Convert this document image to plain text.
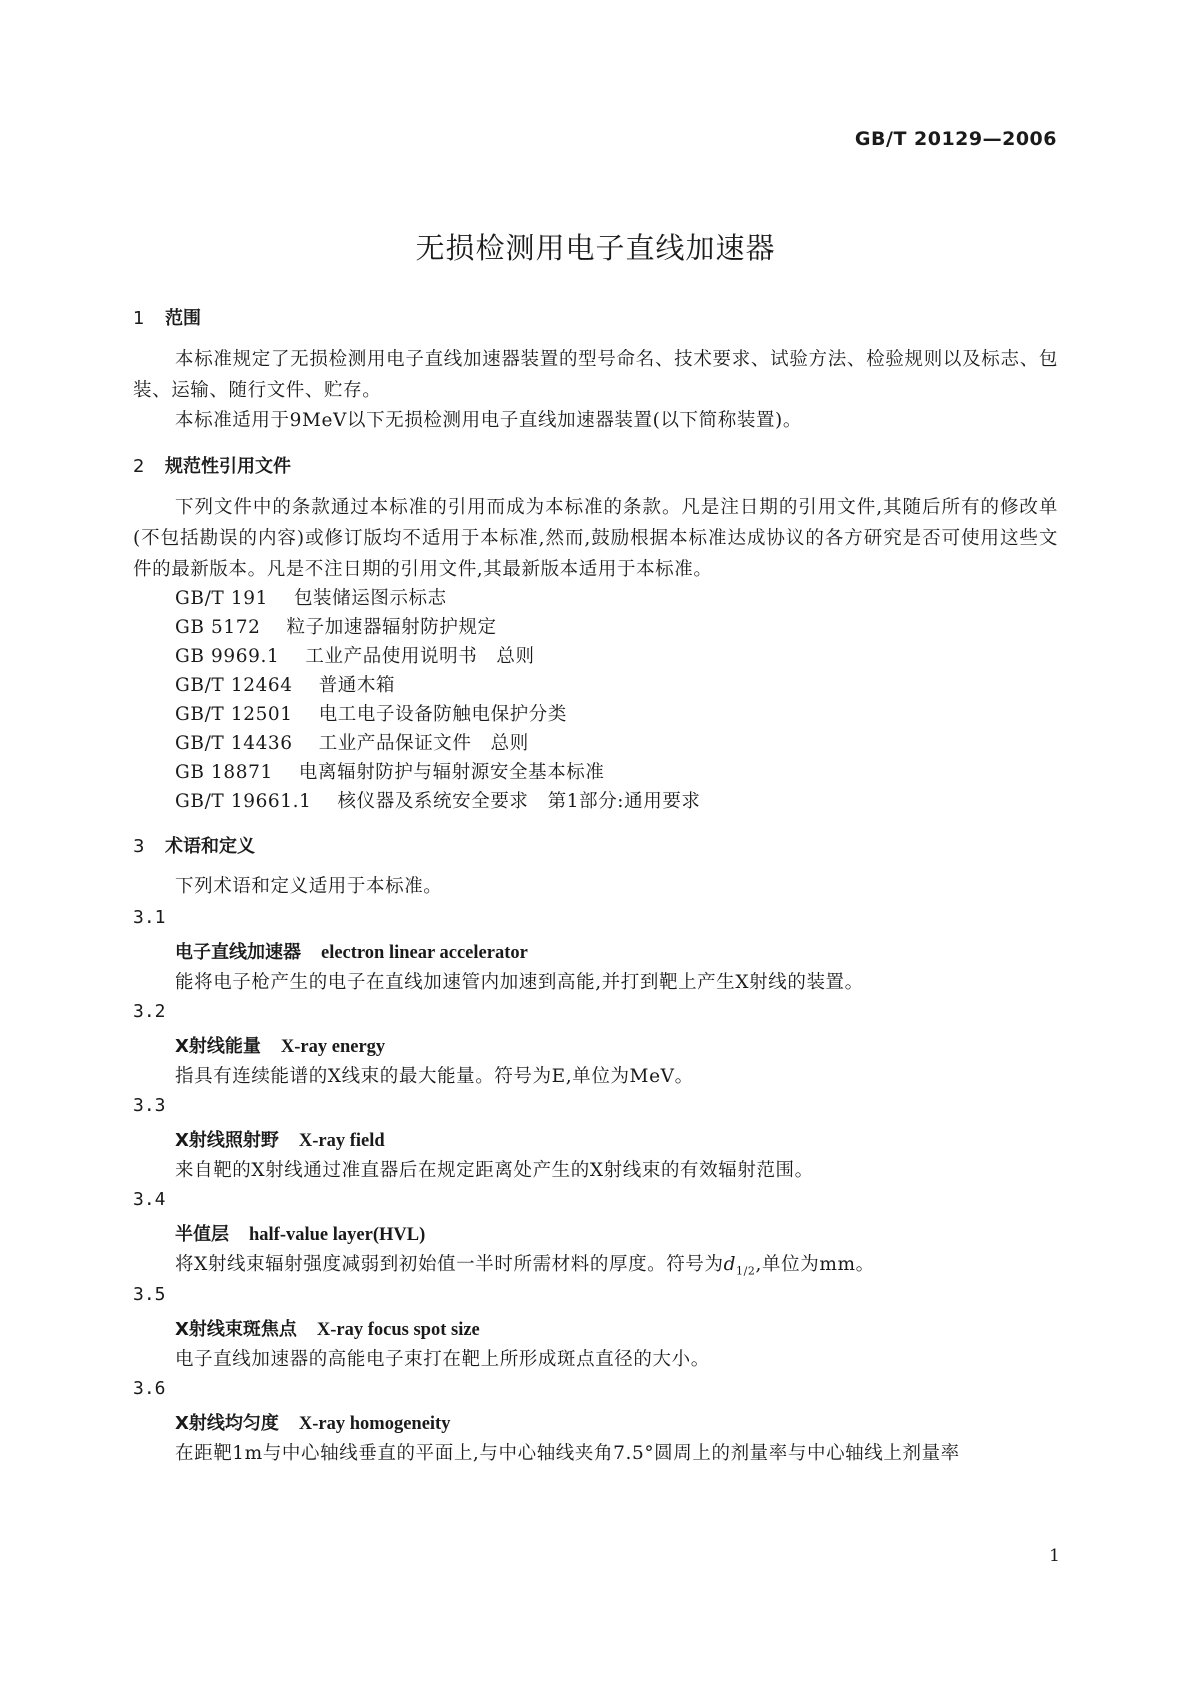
GB/T 20129—2006
无损检测用电子直线加速器
1 范围
本标准规定了无损检测用电子直线加速器装置的型号命名、技术要求、试验方法、检验规则以及标志、包装、运输、随行文件、贮存。
本标准适用于9MeV以下无损检测用电子直线加速器装置(以下简称装置)。
2 规范性引用文件
下列文件中的条款通过本标准的引用而成为本标准的条款。凡是注日期的引用文件,其随后所有的修改单(不包括勘误的内容)或修订版均不适用于本标准,然而,鼓励根据本标准达成协议的各方研究是否可使用这些文件的最新版本。凡是不注日期的引用文件,其最新版本适用于本标准。
GB/T 191 包装储运图示标志
GB 5172 粒子加速器辐射防护规定
GB 9969.1 工业产品使用说明书　总则
GB/T 12464 普通木箱
GB/T 12501 电工电子设备防触电保护分类
GB/T 14436 工业产品保证文件　总则
GB 18871 电离辐射防护与辐射源安全基本标准
GB/T 19661.1 核仪器及系统安全要求　第1部分:通用要求
3 术语和定义
下列术语和定义适用于本标准。
3.1
电子直线加速器 electron linear accelerator
能将电子枪产生的电子在直线加速管内加速到高能,并打到靶上产生X射线的装置。
3.2
X射线能量 X-ray energy
指具有连续能谱的X线束的最大能量。符号为E,单位为MeV。
3.3
X射线照射野 X-ray field
来自靶的X射线通过准直器后在规定距离处产生的X射线束的有效辐射范围。
3.4
半值层 half-value layer(HVL)
将X射线束辐射强度减弱到初始值一半时所需材料的厚度。符号为$d_{1/2}$,单位为mm。
3.5
X射线束斑焦点 X-ray focus spot size
电子直线加速器的高能电子束打在靶上所形成斑点直径的大小。
3.6
X射线均匀度 X-ray homogeneity
在距靶1m与中心轴线垂直的平面上,与中心轴线夹角7.5°圆周上的剂量率与中心轴线上剂量率
1
